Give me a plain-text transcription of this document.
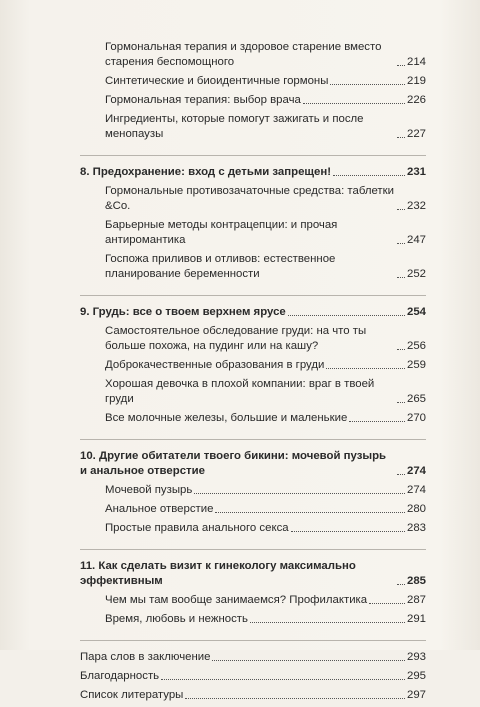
Гормональная терапия и здоровое старение вместо старения беспомощного	214
Синтетические и биоидентичные гормоны	219
Гормональная терапия: выбор врача	226
Ингредиенты, которые помогут зажигать и после менопаузы	227
8. Предохранение: вход с детьми запрещен!	231
Гормональные противозачаточные средства: таблетки &Co.	232
Барьерные методы контрацепции: и прочая антиромантика	247
Госпожа приливов и отливов: естественное планирование беременности	252
9. Грудь: все о твоем верхнем ярусе	254
Самостоятельное обследование груди: на что ты больше похожа, на пудинг или на кашу?	256
Доброкачественные образования в груди	259
Хорошая девочка в плохой компании: враг в твоей груди	265
Все молочные железы, большие и маленькие	270
10. Другие обитатели твоего бикини: мочевой пузырь и анальное отверстие	274
Мочевой пузырь	274
Анальное отверстие	280
Простые правила анального секса	283
11. Как сделать визит к гинекологу максимально эффективным	285
Чем мы там вообще занимаемся? Профилактика	287
Время, любовь и нежность	291
Пара слов в заключение	293
Благодарность	295
Список литературы	297
